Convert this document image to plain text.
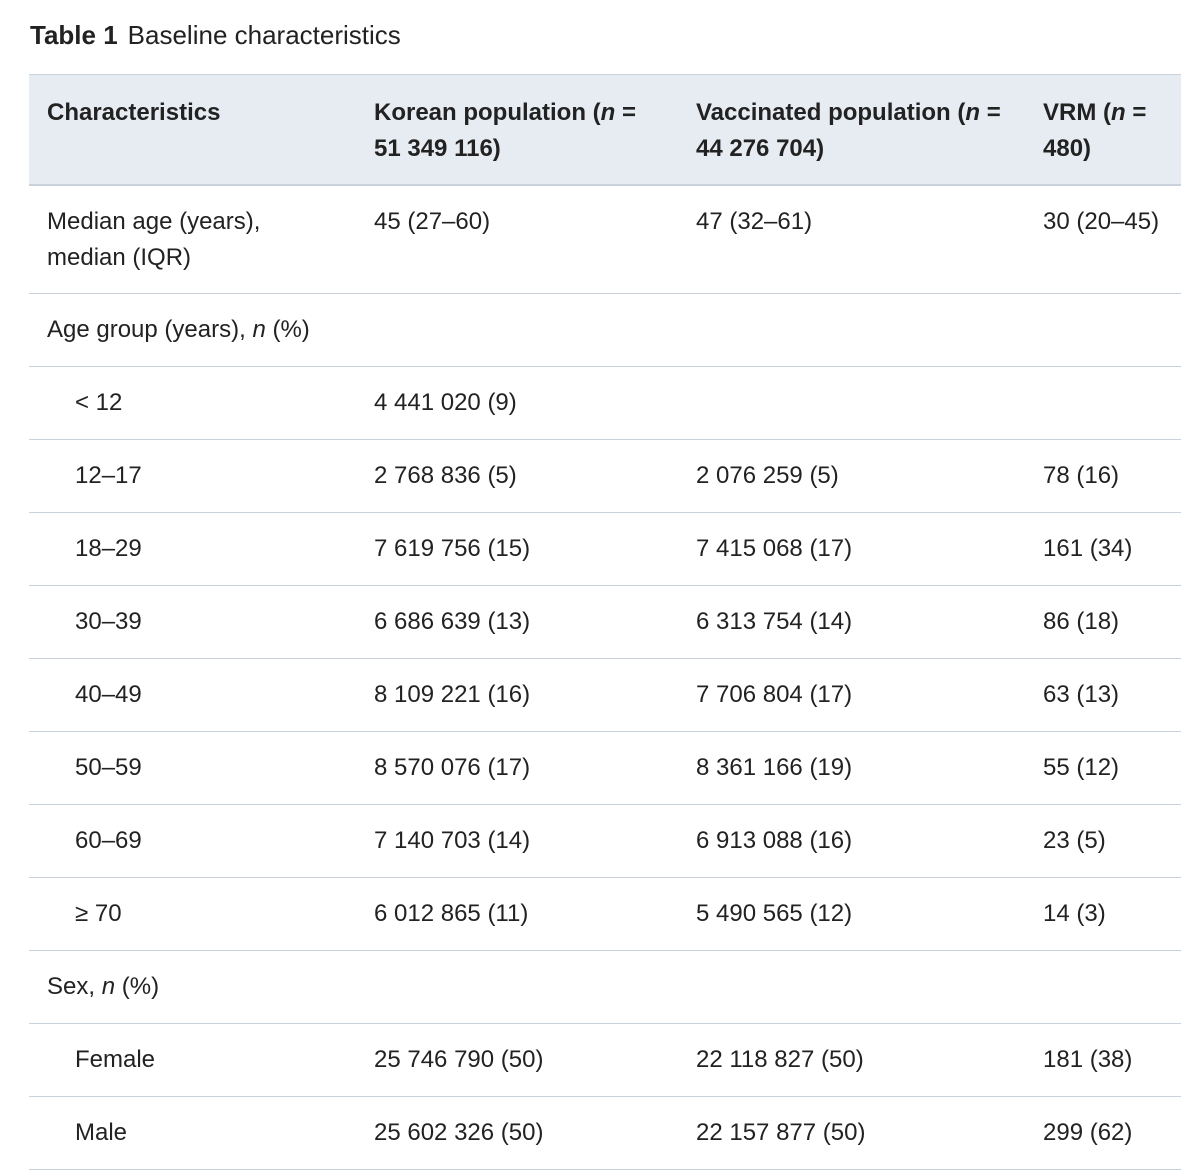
Table 1 Baseline characteristics
Characteristics	Korean population (n = 51 349 116)	Vaccinated population (n = 44 276 704)	VRM (n = 480)
Median age (years), median (IQR)	45 (27–60)	47 (32–61)	30 (20–45)
Age group (years), n (%)			
< 12	4 441 020 (9)		
12–17	2 768 836 (5)	2 076 259 (5)	78 (16)
18–29	7 619 756 (15)	7 415 068 (17)	161 (34)
30–39	6 686 639 (13)	6 313 754 (14)	86 (18)
40–49	8 109 221 (16)	7 706 804 (17)	63 (13)
50–59	8 570 076 (17)	8 361 166 (19)	55 (12)
60–69	7 140 703 (14)	6 913 088 (16)	23 (5)
≥ 70	6 012 865 (11)	5 490 565 (12)	14 (3)
Sex, n (%)			
Female	25 746 790 (50)	22 118 827 (50)	181 (38)
Male	25 602 326 (50)	22 157 877 (50)	299 (62)
